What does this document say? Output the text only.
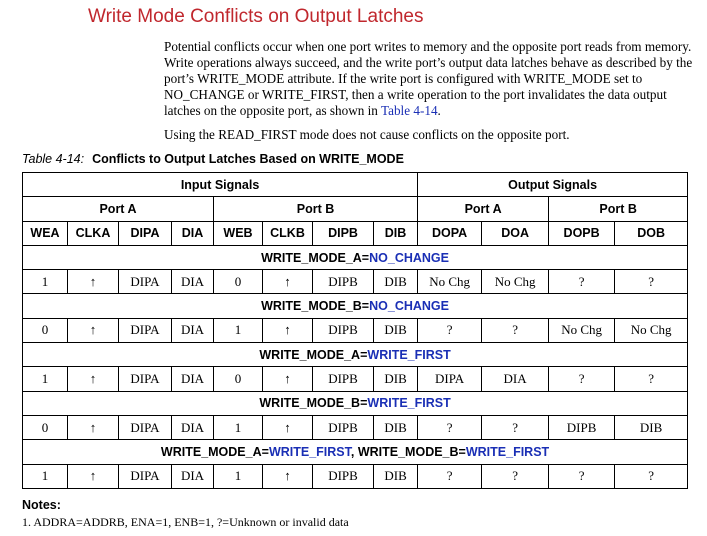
Write Mode Conflicts on Output Latches
Potential conflicts occur when one port writes to memory and the opposite port reads from memory. Write operations always succeed, and the write port’s output data latches behave as described by the port’s WRITE_MODE attribute. If the write port is configured with WRITE_MODE set to NO_CHANGE or WRITE_FIRST, then a write operation to the port invalidates the data output latches on the opposite port, as shown in Table 4-14.
Using the READ_FIRST mode does not cause conflicts on the opposite port.
Table 4-14: Conflicts to Output Latches Based on WRITE_MODE
Input Signals								Output Signals			
Port A				Port B				Port A		Port B	
WEA	CLKA	DIPA	DIA	WEB	CLKB	DIPB	DIB	DOPA	DOA	DOPB	DOB
WRITE_MODE_A=NO_CHANGE											
1	↑	DIPA	DIA	0	↑	DIPB	DIB	No Chg	No Chg	?	?
WRITE_MODE_B=NO_CHANGE											
0	↑	DIPA	DIA	1	↑	DIPB	DIB	?	?	No Chg	No Chg
WRITE_MODE_A=WRITE_FIRST											
1	↑	DIPA	DIA	0	↑	DIPB	DIB	DIPA	DIA	?	?
WRITE_MODE_B=WRITE_FIRST											
0	↑	DIPA	DIA	1	↑	DIPB	DIB	?	?	DIPB	DIB
WRITE_MODE_A=WRITE_FIRST, WRITE_MODE_B=WRITE_FIRST											
1	↑	DIPA	DIA	1	↑	DIPB	DIB	?	?	?	?
Notes:
1. ADDRA=ADDRB, ENA=1, ENB=1, ?=Unknown or invalid data
